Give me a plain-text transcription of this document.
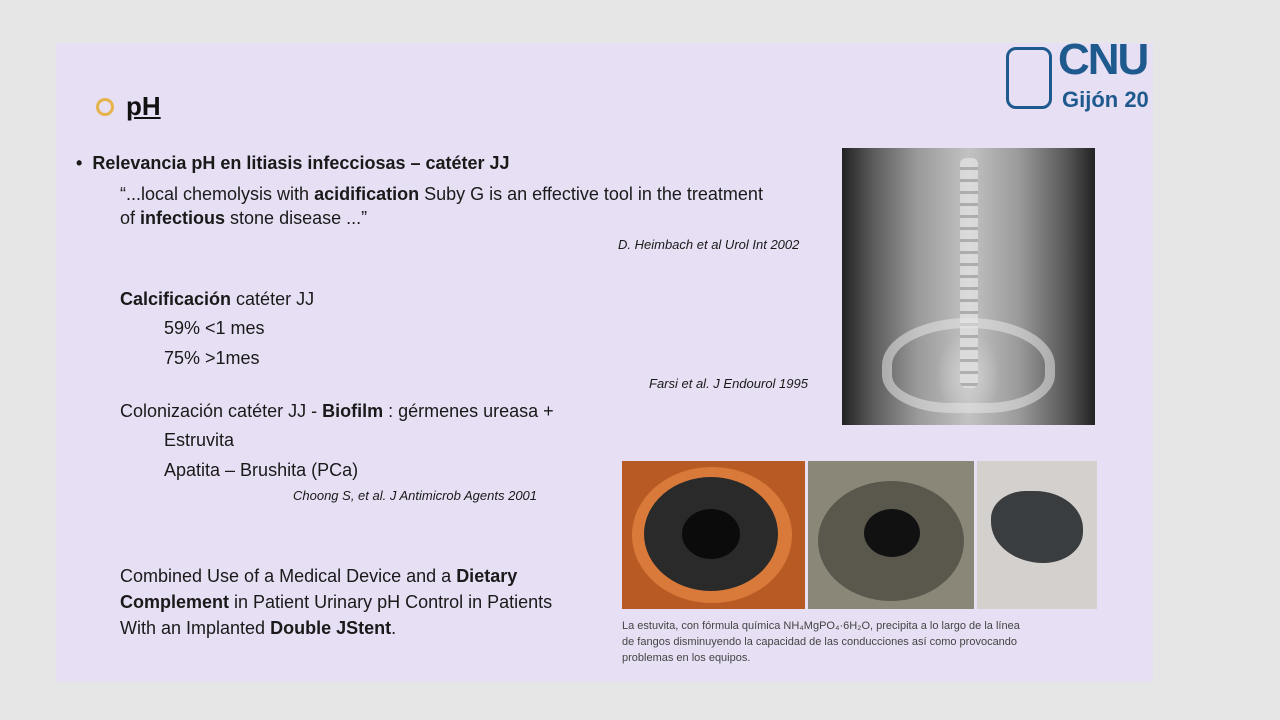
CNU
Gijón 20
pH
• Relevancia pH en litiasis infecciosas – catéter JJ
“...local chemolysis with acidification Suby G is an effective tool in the treatment
of infectious stone disease ...”
D. Heimbach et al Urol Int 2002
Calcificación catéter JJ
59% <1 mes
75% >1mes
Farsi et al. J Endourol 1995
Colonización catéter JJ - Biofilm : gérmenes ureasa +
Estruvita
Apatita – Brushita (PCa)
Choong S, et al. J Antimicrob Agents 2001
Combined Use of a Medical Device and a Dietary
Complement in Patient Urinary pH Control in Patients
With an Implanted Double JStent.	La estuvita, con fórmula química NH₄MgPO₄·6H₂O, precipita a lo largo de la línea
de fangos disminuyendo la capacidad de las conducciones así como provocando
problemas en los equipos.
